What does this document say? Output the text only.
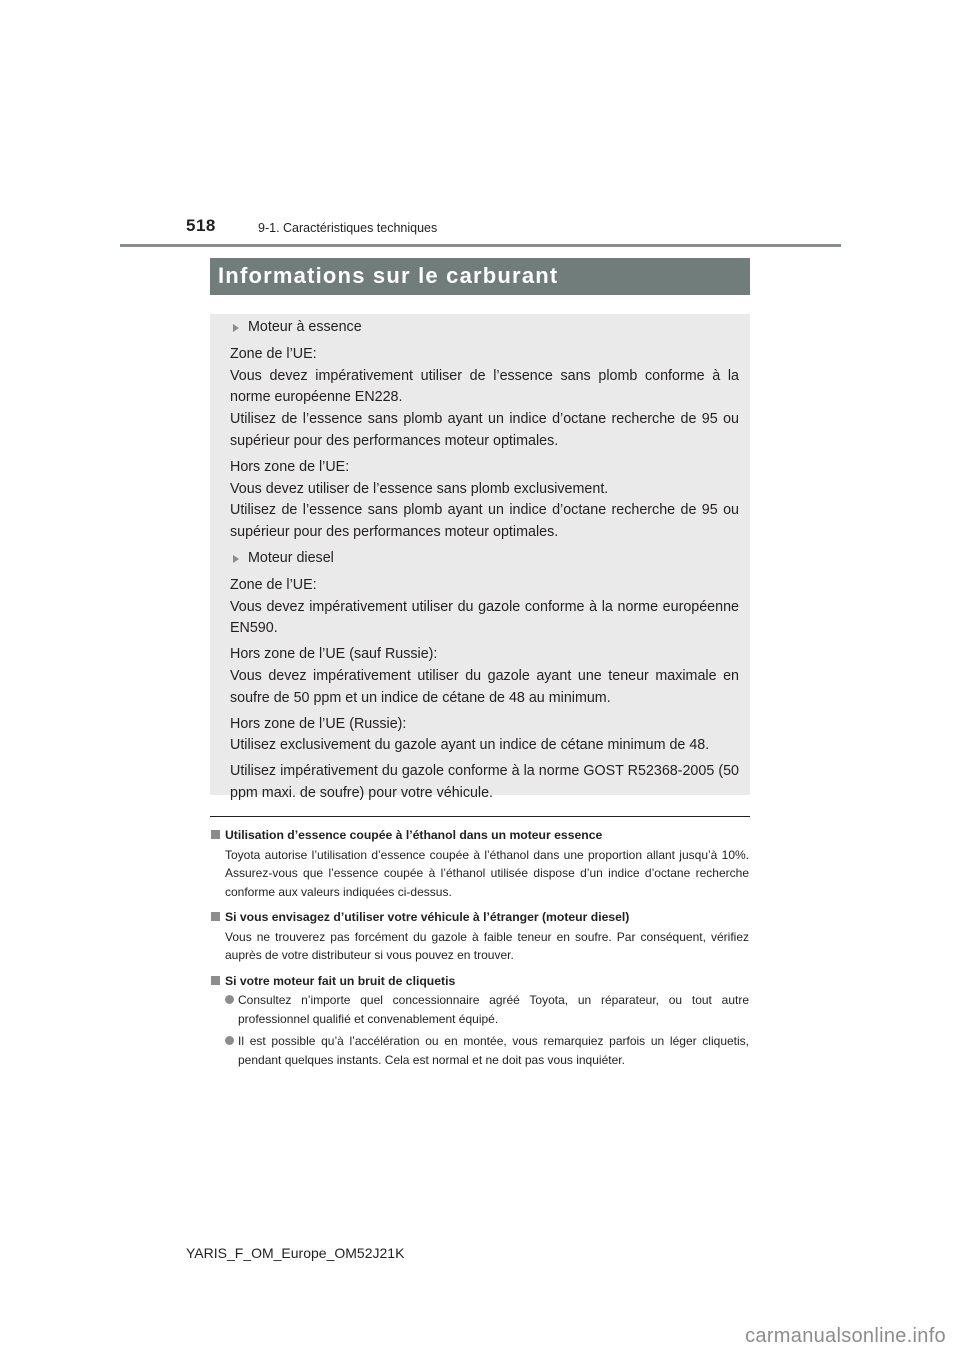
518	9-1. Caractéristiques techniques
Informations sur le carburant
Moteur à essence

Zone de l’UE:
Vous devez impérativement utiliser de l’essence sans plomb conforme à la norme européenne EN228.
Utilisez de l’essence sans plomb ayant un indice d’octane recherche de 95 ou supérieur pour des performances moteur optimales.

Hors zone de l’UE:
Vous devez utiliser de l’essence sans plomb exclusivement.
Utilisez de l’essence sans plomb ayant un indice d’octane recherche de 95 ou supérieur pour des performances moteur optimales.

Moteur diesel

Zone de l’UE:
Vous devez impérativement utiliser du gazole conforme à la norme européenne EN590.

Hors zone de l’UE (sauf Russie):
Vous devez impérativement utiliser du gazole ayant une teneur maximale en soufre de 50 ppm et un indice de cétane de 48 au minimum.

Hors zone de l’UE (Russie):
Utilisez exclusivement du gazole ayant un indice de cétane minimum de 48.

Utilisez impérativement du gazole conforme à la norme GOST R52368-2005 (50 ppm maxi. de soufre) pour votre véhicule.

Utilisation d’essence coupée à l’éthanol dans un moteur essence
Toyota autorise l’utilisation d’essence coupée à l’éthanol dans une proportion allant jusqu’à 10%. Assurez-vous que l’essence coupée à l’éthanol utilisée dispose d’un indice d’octane recherche conforme aux valeurs indiquées ci-dessus.
Si vous envisagez d’utiliser votre véhicule à l’étranger (moteur diesel)
Vous ne trouverez pas forcément du gazole à faible teneur en soufre. Par conséquent, vérifiez auprès de votre distributeur si vous pouvez en trouver.
Si votre moteur fait un bruit de cliquetis
Consultez n’importe quel concessionnaire agréé Toyota, un réparateur, ou tout autre professionnel qualifié et convenablement équipé.
Il est possible qu’à l’accélération ou en montée, vous remarquiez parfois un léger cliquetis, pendant quelques instants. Cela est normal et ne doit pas vous inquiéter.
YARIS_F_OM_Europe_OM52J21K
carmanualsonline.info
